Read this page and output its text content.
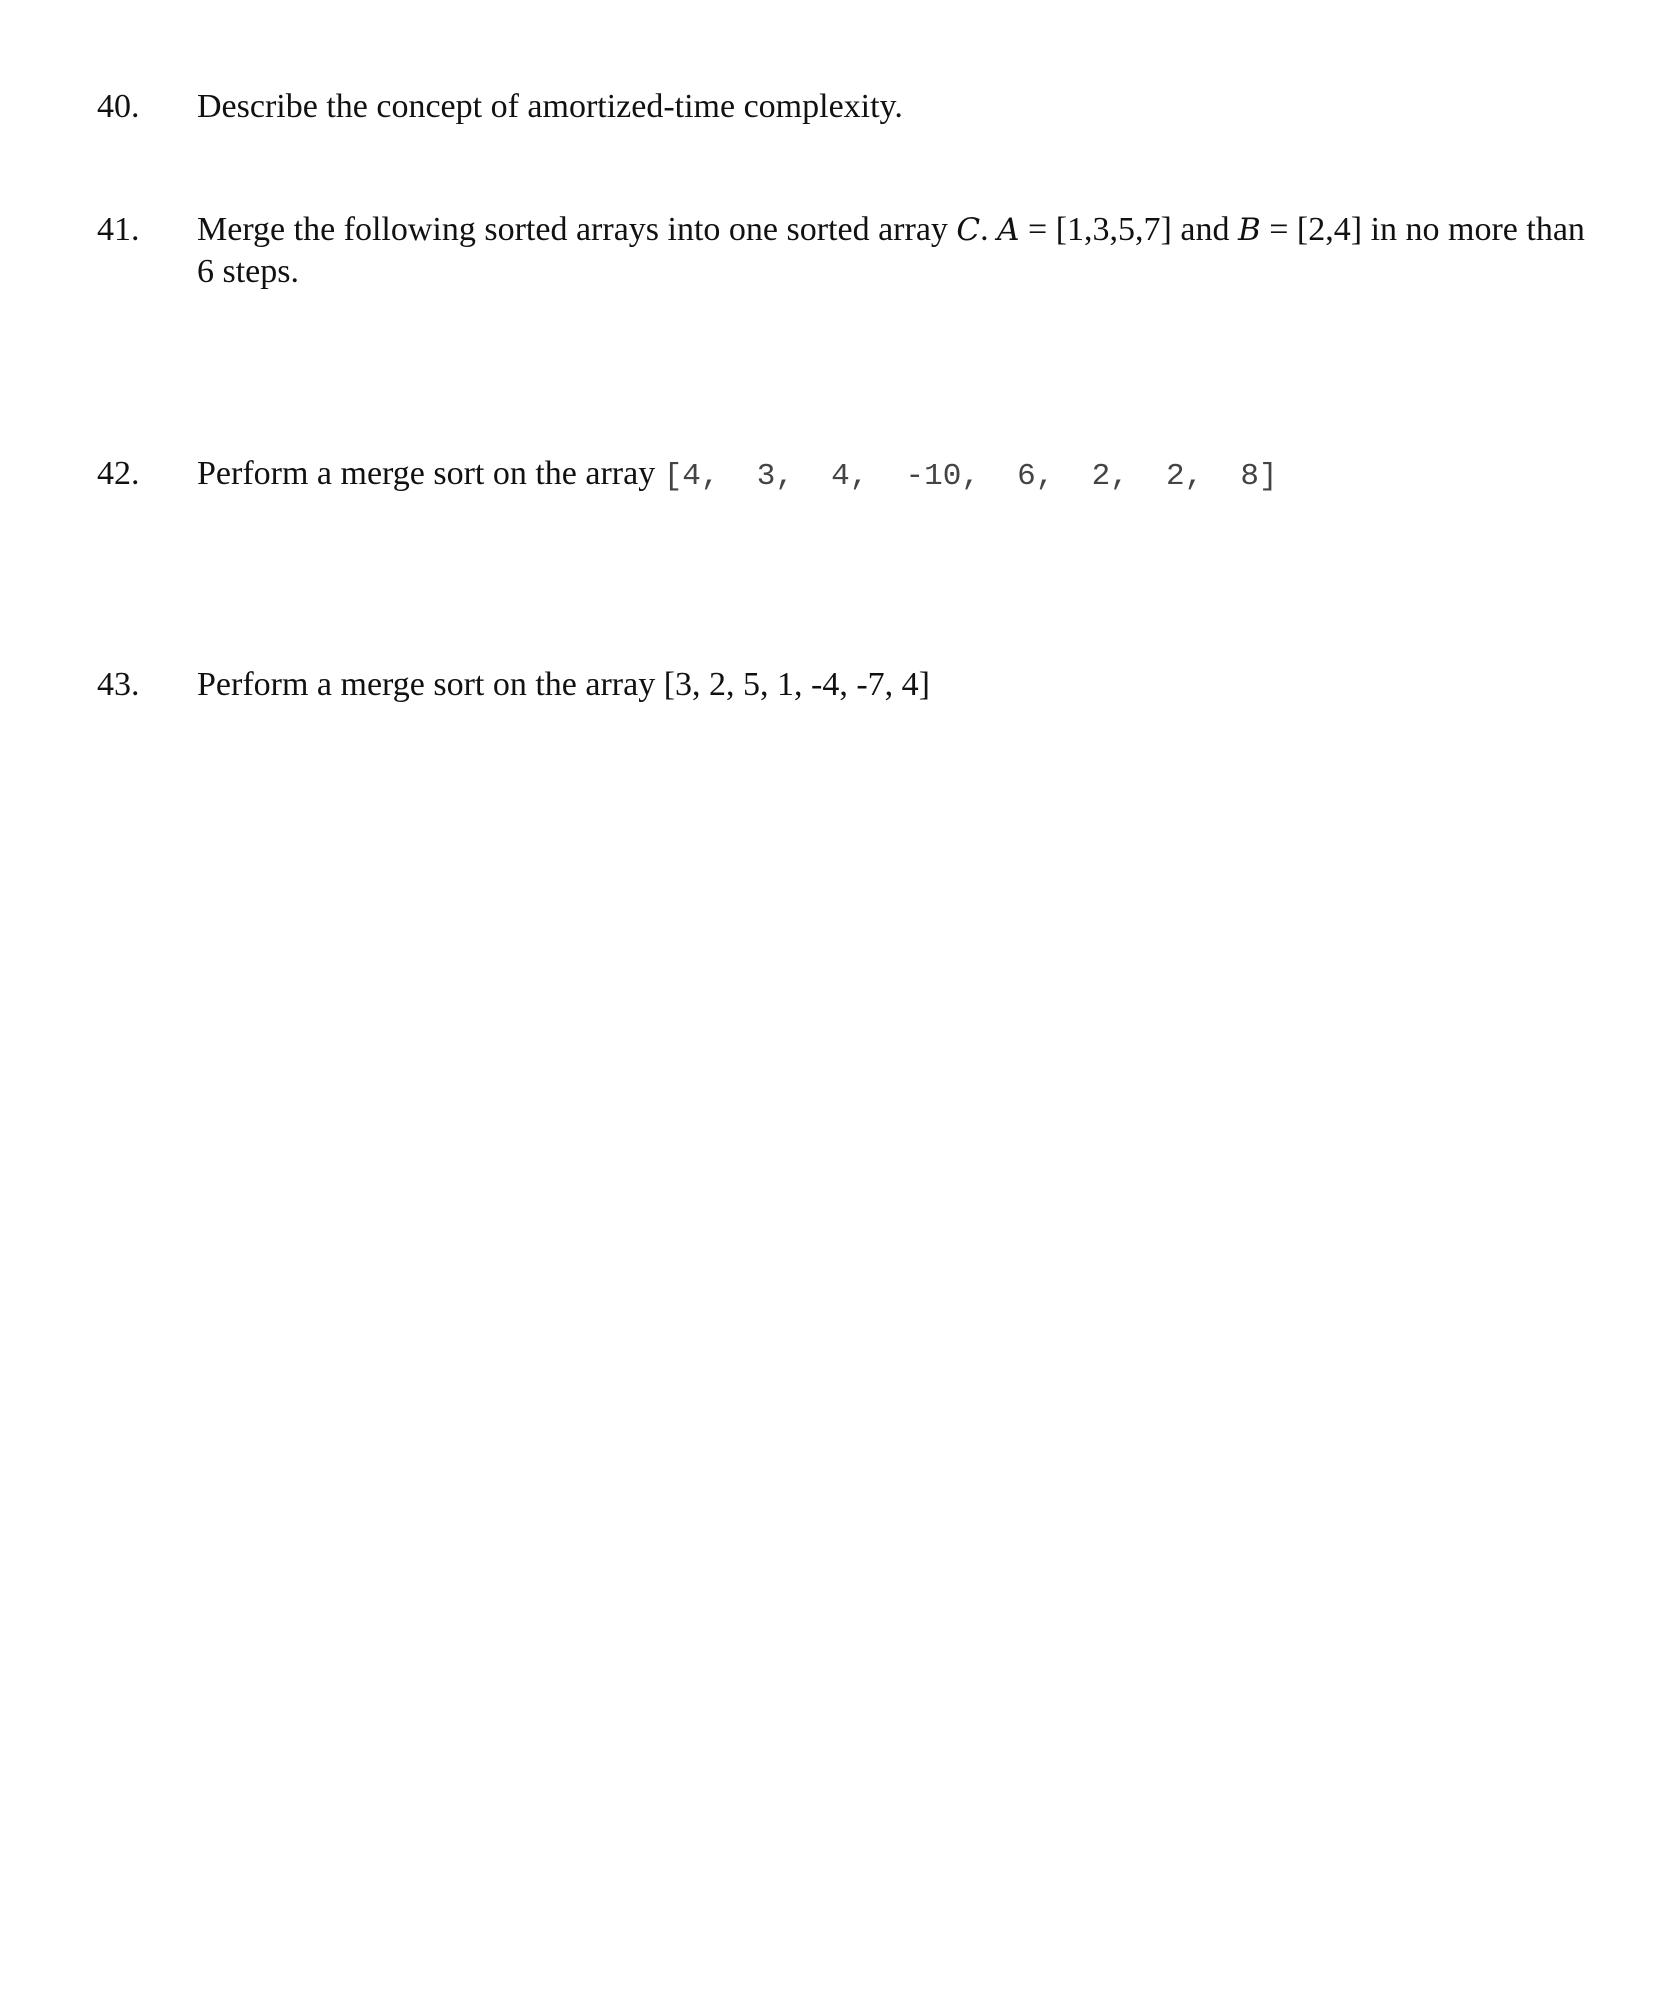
40. Describe the concept of amortized-time complexity.
41. Merge the following sorted arrays into one sorted array C. A = [1,3,5,7] and B = [2,4] in no more than 6 steps.
42. Perform a merge sort on the array [4,  3,  4,  -10,  6,  2,  2,  8]
43. Perform a merge sort on the array [3, 2, 5, 1, -4, -7, 4]
